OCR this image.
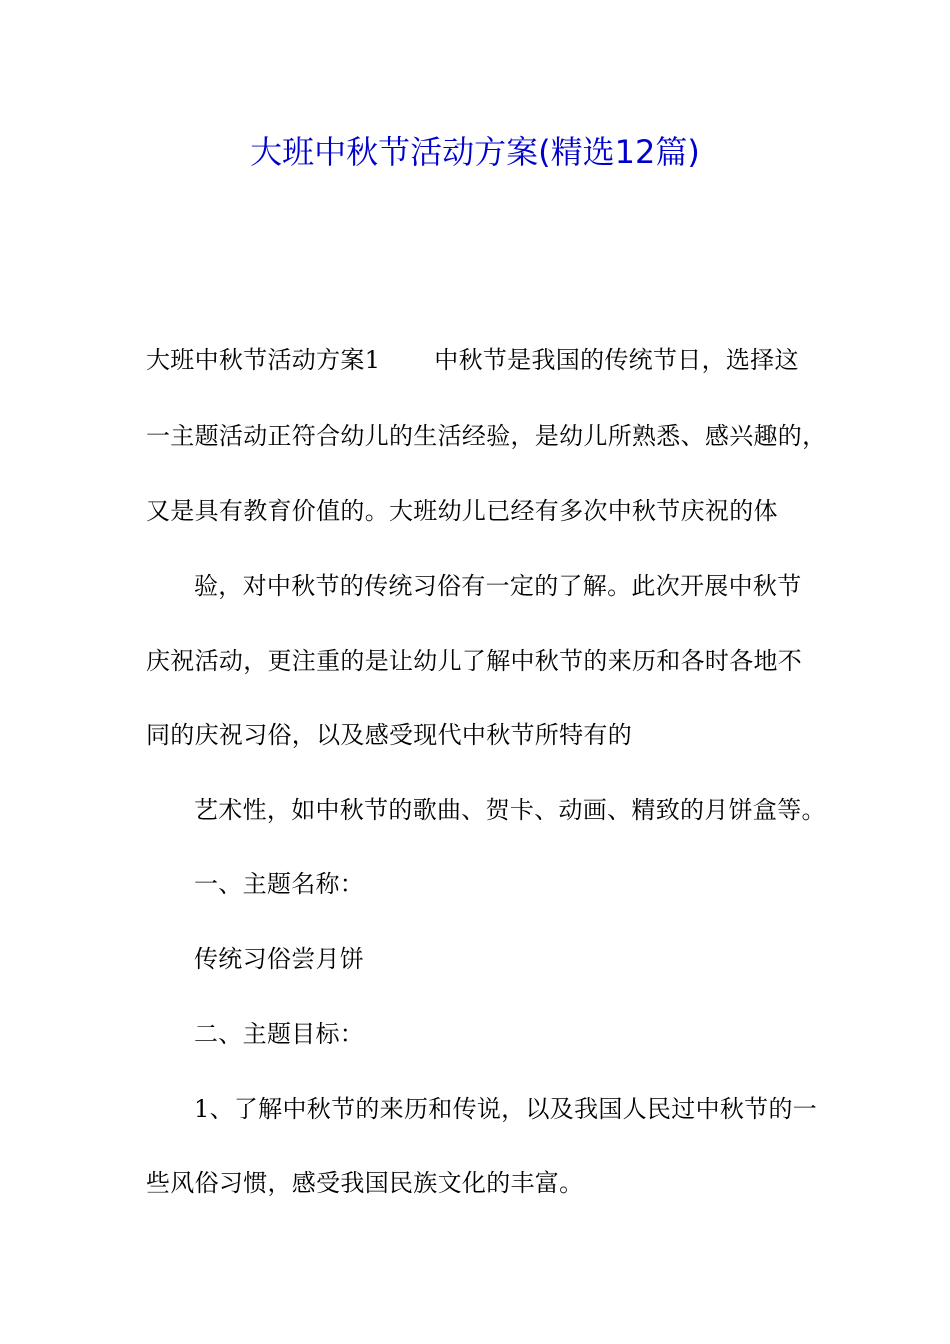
大班中秋节活动方案(精选12篇)
大班中秋节活动方案1 中秋节是我国的传统节日，选择这
一主题活动正符合幼儿的生活经验，是幼儿所熟悉、感兴趣的，
又是具有教育价值的。大班幼儿已经有多次中秋节庆祝的体
验，对中秋节的传统习俗有一定的了解。此次开展中秋节
庆祝活动，更注重的是让幼儿了解中秋节的来历和各时各地不
同的庆祝习俗，以及感受现代中秋节所特有的
艺术性，如中秋节的歌曲、贺卡、动画、精致的月饼盒等。
一、主题名称：
传统习俗尝月饼
二、主题目标：
1、了解中秋节的来历和传说，以及我国人民过中秋节的一
些风俗习惯，感受我国民族文化的丰富。
